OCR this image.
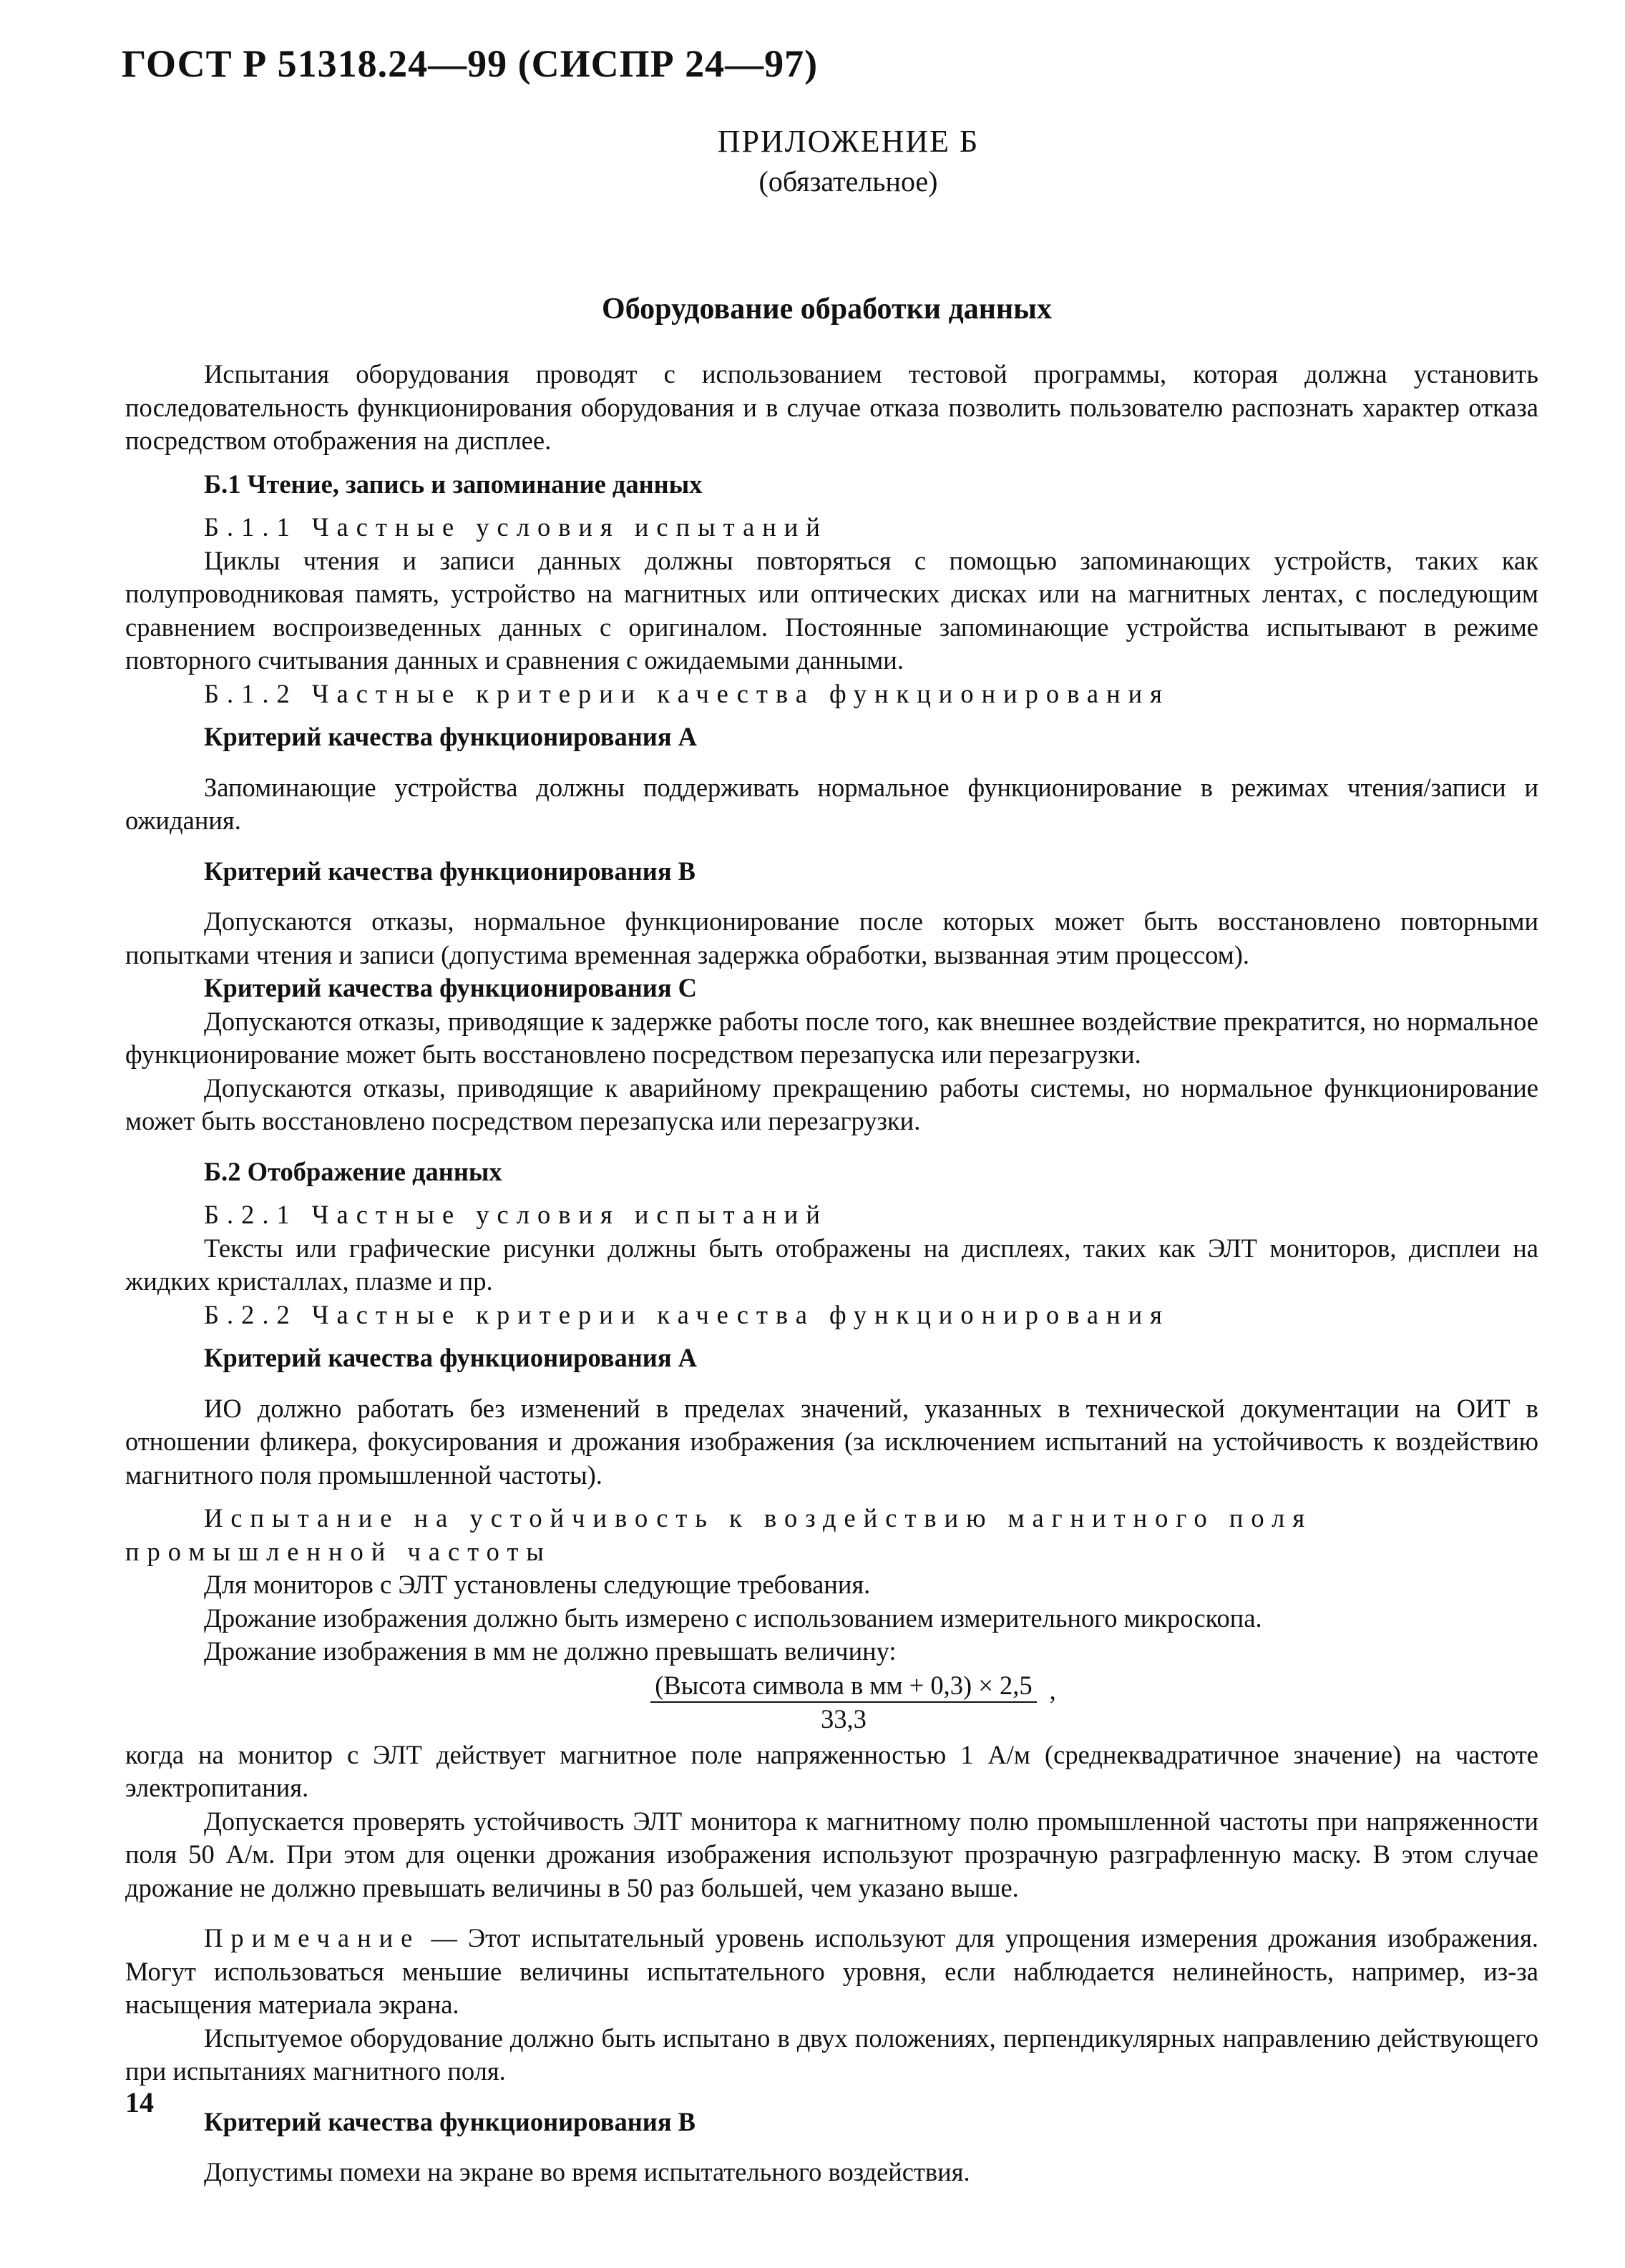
ГОСТ Р 51318.24—99 (СИСПР 24—97)
ПРИЛОЖЕНИЕ Б
(обязательное)
Оборудование обработки данных

Испытания оборудования проводят с использованием тестовой программы, которая должна установить последовательность функционирования оборудования и в случае отказа позволить пользователю распознать характер отказа посредством отображения на дисплее.

Б.1 Чтение, запись и запоминание данных

Б.1.1 Частные условия испытаний

Циклы чтения и записи данных должны повторяться с помощью запоминающих устройств, таких как полупроводниковая память, устройство на магнитных или оптических дисках или на магнитных лентах, с последующим сравнением воспроизведенных данных с оригиналом. Постоянные запоминающие устройства испытывают в режиме повторного считывания данных и сравнения с ожидаемыми данными.

Б.1.2 Частные критерии качества функционирования

Критерий качества функционирования А

Запоминающие устройства должны поддерживать нормальное функционирование в режимах чтения/записи и ожидания.

Критерий качества функционирования В

Допускаются отказы, нормальное функционирование после которых может быть восстановлено повторными попытками чтения и записи (допустима временная задержка обработки, вызванная этим процессом).

Критерий качества функционирования С

Допускаются отказы, приводящие к задержке работы после того, как внешнее воздействие прекратится, но нормальное функционирование может быть восстановлено посредством перезапуска или перезагрузки.

Допускаются отказы, приводящие к аварийному прекращению работы системы, но нормальное функционирование может быть восстановлено посредством перезапуска или перезагрузки.

Б.2 Отображение данных

Б.2.1 Частные условия испытаний

Тексты или графические рисунки должны быть отображены на дисплеях, таких как ЭЛТ мониторов, дисплеи на жидких кристаллах, плазме и пр.

Б.2.2 Частные критерии качества функционирования

Критерий качества функционирования А

ИО должно работать без изменений в пределах значений, указанных в технической документации на ОИТ в отношении фликера, фокусирования и дрожания изображения (за исключением испытаний на устойчивость к воздействию магнитного поля промышленной частоты).

Испытание на устойчивость к воздействию магнитного поля промышленной частоты

Для мониторов с ЭЛТ установлены следующие требования.

Дрожание изображения должно быть измерено с использованием измерительного микроскопа.

Дрожание изображения в мм не должно превышать величину:

$\frac{\text{(Высота символа в мм + 0,3) × 2,5}}{33,3}$ ,

когда на монитор с ЭЛТ действует магнитное поле напряженностью 1 А/м (среднеквадратичное значение) на частоте электропитания.

Допускается проверять устойчивость ЭЛТ монитора к магнитному полю промышленной частоты при напряженности поля 50 А/м. При этом для оценки дрожания изображения используют прозрачную разграфленную маску. В этом случае дрожание не должно превышать величины в 50 раз большей, чем указано выше.

Примечание — Этот испытательный уровень используют для упрощения измерения дрожания изображения. Могут использоваться меньшие величины испытательного уровня, если наблюдается нелинейность, например, из-за насыщения материала экрана.

Испытуемое оборудование должно быть испытано в двух положениях, перпендикулярных направлению действующего при испытаниях магнитного поля.

Критерий качества функционирования В

Допустимы помехи на экране во время испытательного воздействия.

14
